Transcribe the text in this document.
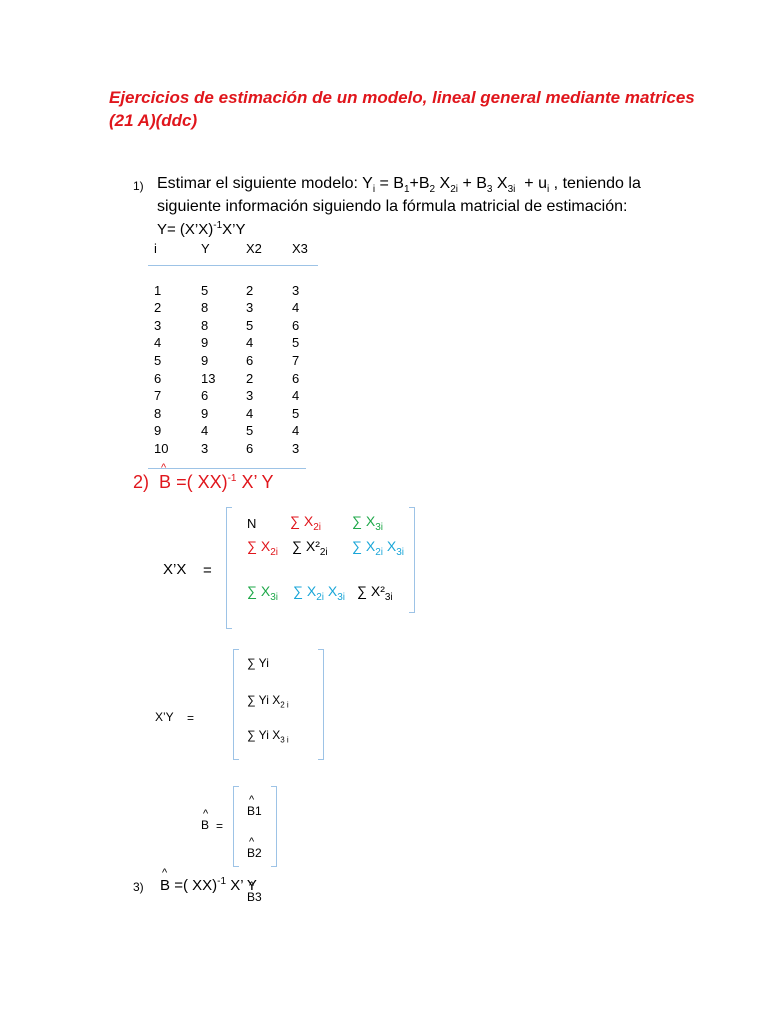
Ejercicios de estimación de un modelo, lineal general mediante matrices
(21 A)(ddc)
1) Estimar el siguiente modelo: $Y_i = B_1+B_2$ $X_{2i} + B_3$ $X_{3i} + u_i$ , teniendo la
siguiente información siguiendo la fórmula matricial de estimación:
Y= (X’X)$^{-1}$X’Y
i	Y	X2	X3

1	5	2	3
2	8	3	4
3	8	5	6
4	9	4	5
5	9	6	7
6	13	2	6
7	6	3	4
8	9	4	5
9	4	5	4
10	3	6	3
2) ^ B =( XX)$^{-1}$ X’ Y
X’X =
N ∑ $X_{2i}$ ∑ $X_{3i}$
∑ $X_{2i}$ ∑ $X^2_{2i}$ ∑ $X_{2i}$ $X_{3i}$
∑ $X_{3i}$ ∑ $X_{2i}$ $X_{3i}$ ∑ $X^2_{3i}$
X’Y =
∑ Yi
∑ Yi $X_{2 i}$
∑ Yi $X_{3 i}$
^ B =
^ B1
^ B2
^ B3
3) ^ B =( XX)$^{-1}$ X’ Y
